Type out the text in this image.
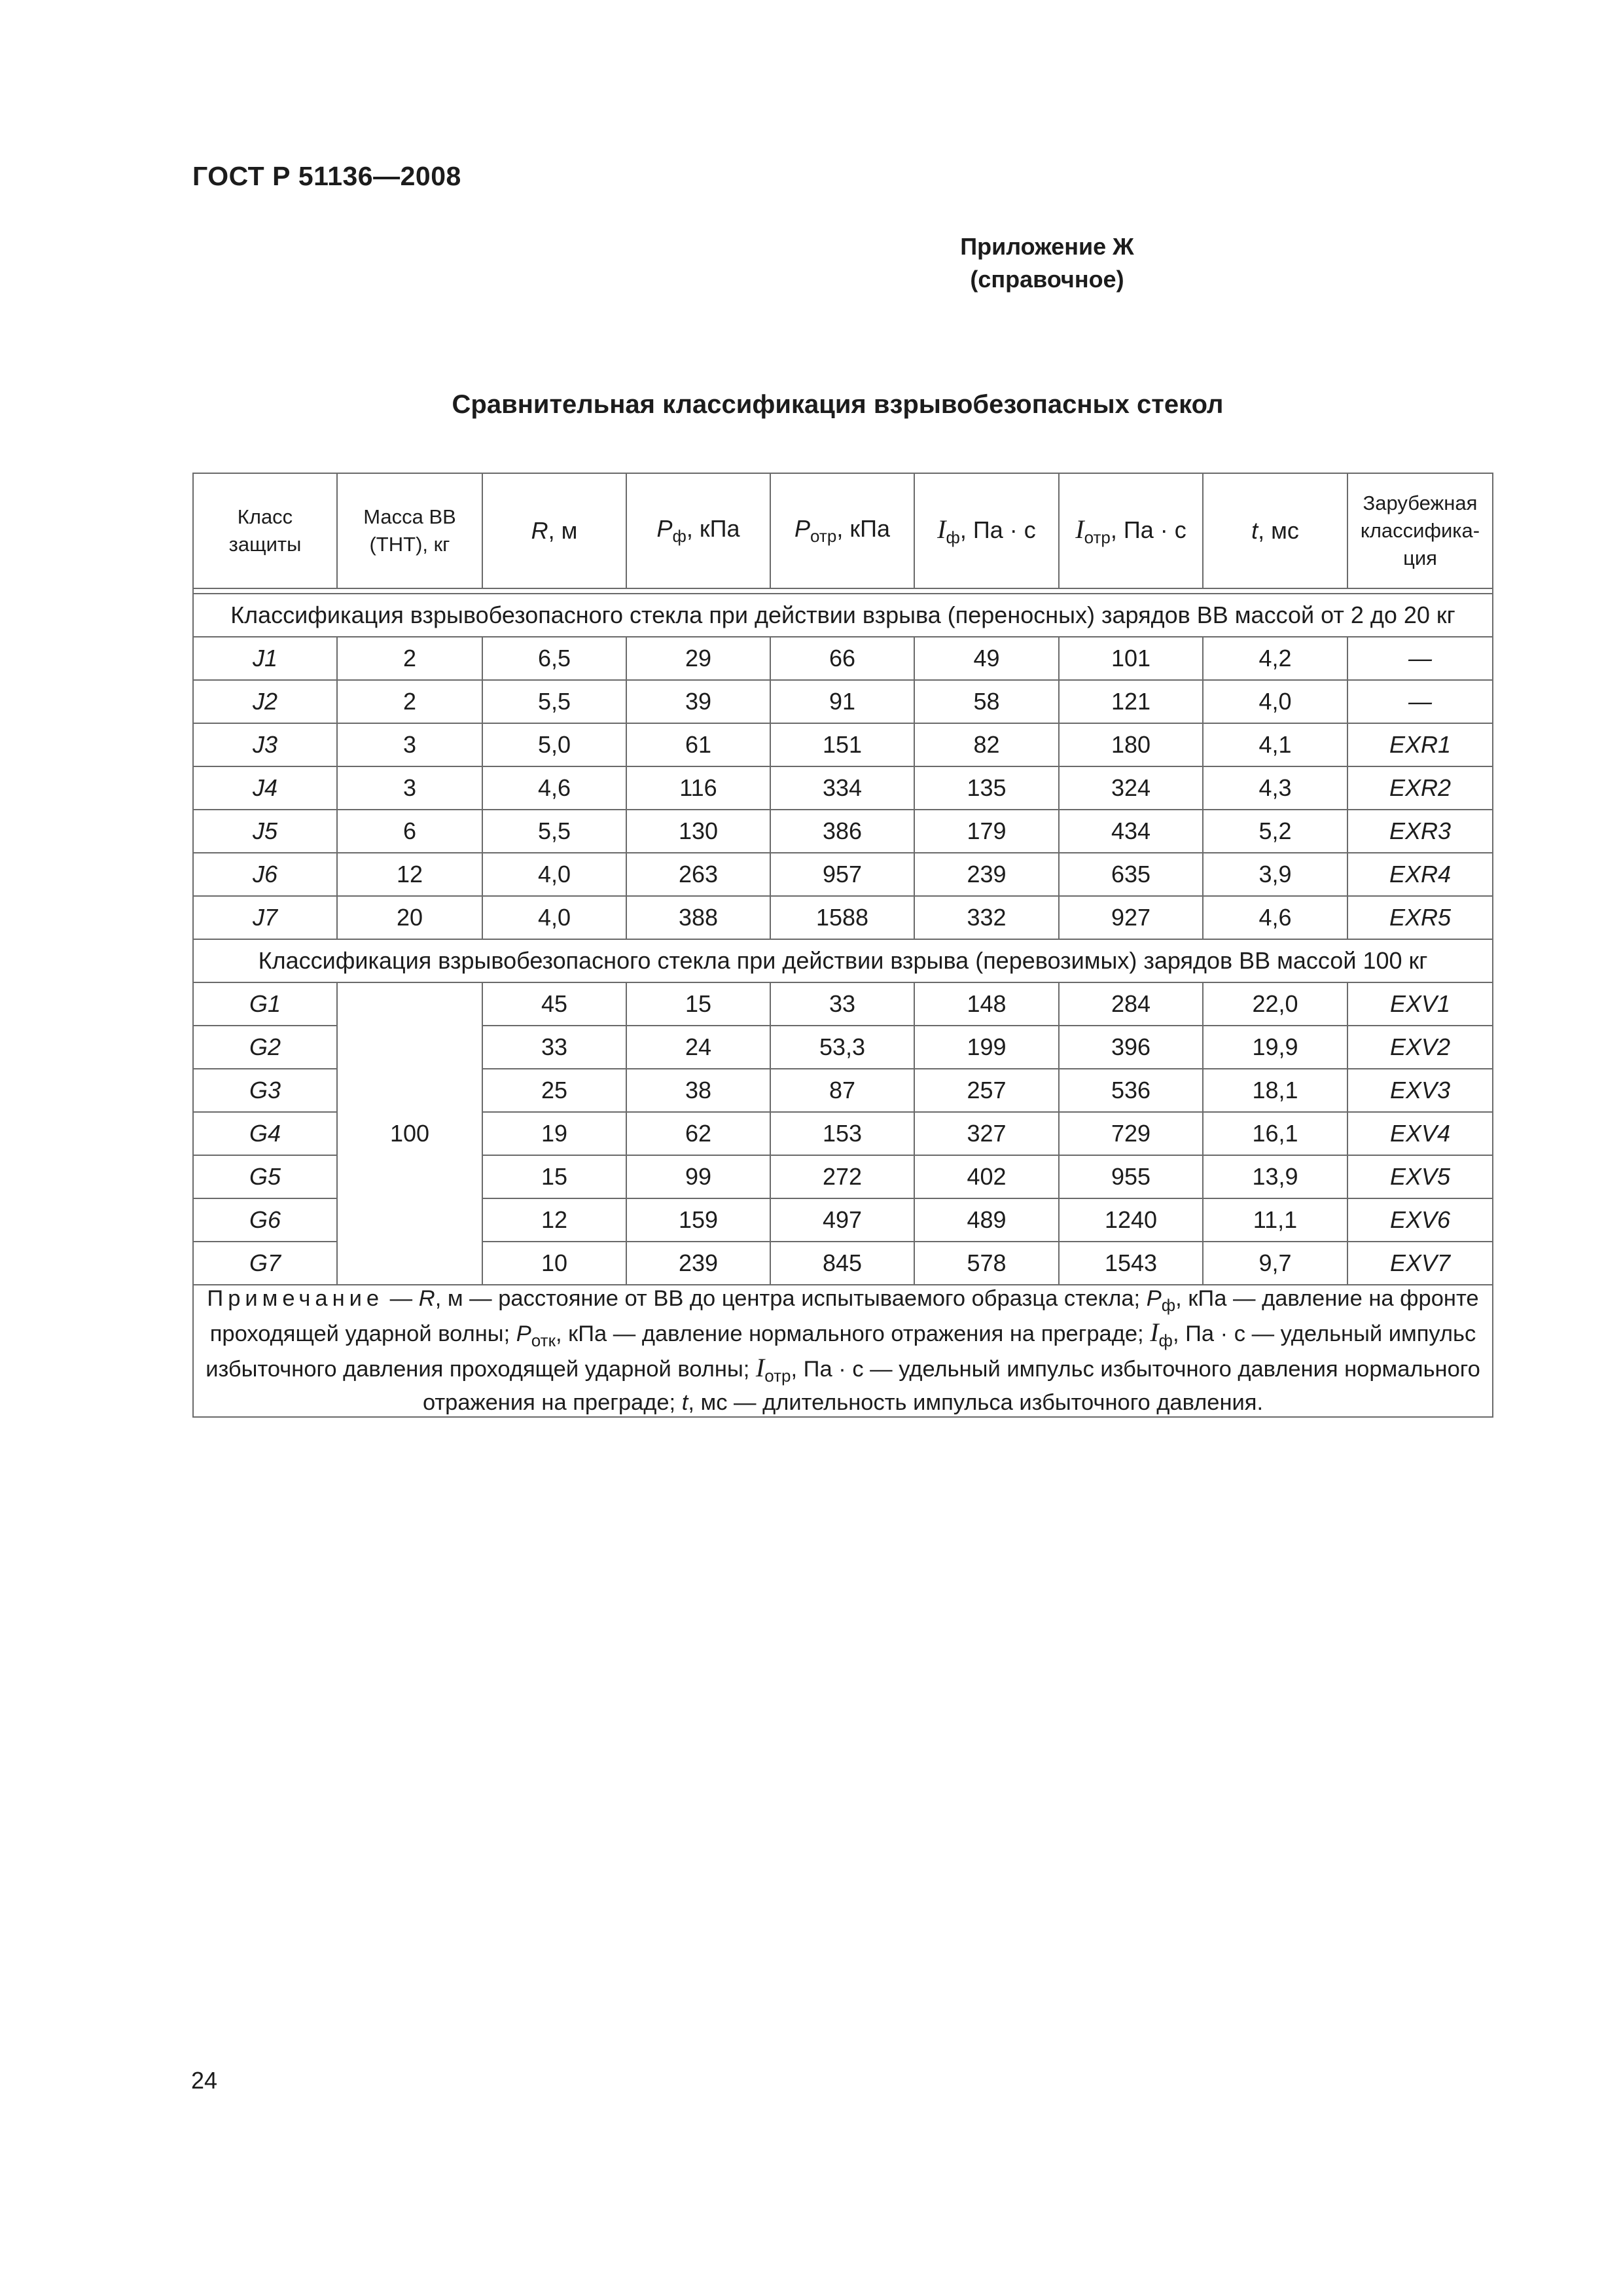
ГОСТ Р 51136—2008
Приложение Ж
(справочное)
Сравнительная классификация взрывобезопасных стекол
Класс
защиты	Масса ВВ
(ТНТ), кг	R, м	$P_ф$, кПа	$P_{отр}$, кПа	$I_ф$, Па · с	$I_{отр}$, Па · с	t, мс	Зарубежная
классифика-
ция

Классификация взрывобезопасного стекла при действии взрыва (переносных) зарядов ВВ массой от 2 до 20 кг								
J1	2	6,5	29	66	49	101	4,2	—
J2	2	5,5	39	91	58	121	4,0	—
J3	3	5,0	61	151	82	180	4,1	EXR1
J4	3	4,6	116	334	135	324	4,3	EXR2
J5	6	5,5	130	386	179	434	5,2	EXR3
J6	12	4,0	263	957	239	635	3,9	EXR4
J7	20	4,0	388	1588	332	927	4,6	EXR5
Классификация взрывобезопасного стекла при действии взрыва (перевозимых) зарядов ВВ массой 100 кг								
G1	100	45	15	33	148	284	22,0	EXV1
G2		33	24	53,3	199	396	19,9	EXV2
G3		25	38	87	257	536	18,1	EXV3
G4		19	62	153	327	729	16,1	EXV4
G5		15	99	272	402	955	13,9	EXV5
G6		12	159	497	489	1240	11,1	EXV6
G7		10	239	845	578	1543	9,7	EXV7
Примечание — R, м — расстояние от ВВ до центра испытываемого образца стекла; $P_ф$, кПа — давление на фронте проходящей ударной волны; $P_{отк}$, кПа — давление нормального отражения на преграде; $I_ф$, Па · с — удельный импульс избыточного давления проходящей ударной волны; $I_{отр}$, Па · с — удельный импульс избыточного давления нормального отражения на преграде; t, мс — длительность импульса избыточного давления.								
24
